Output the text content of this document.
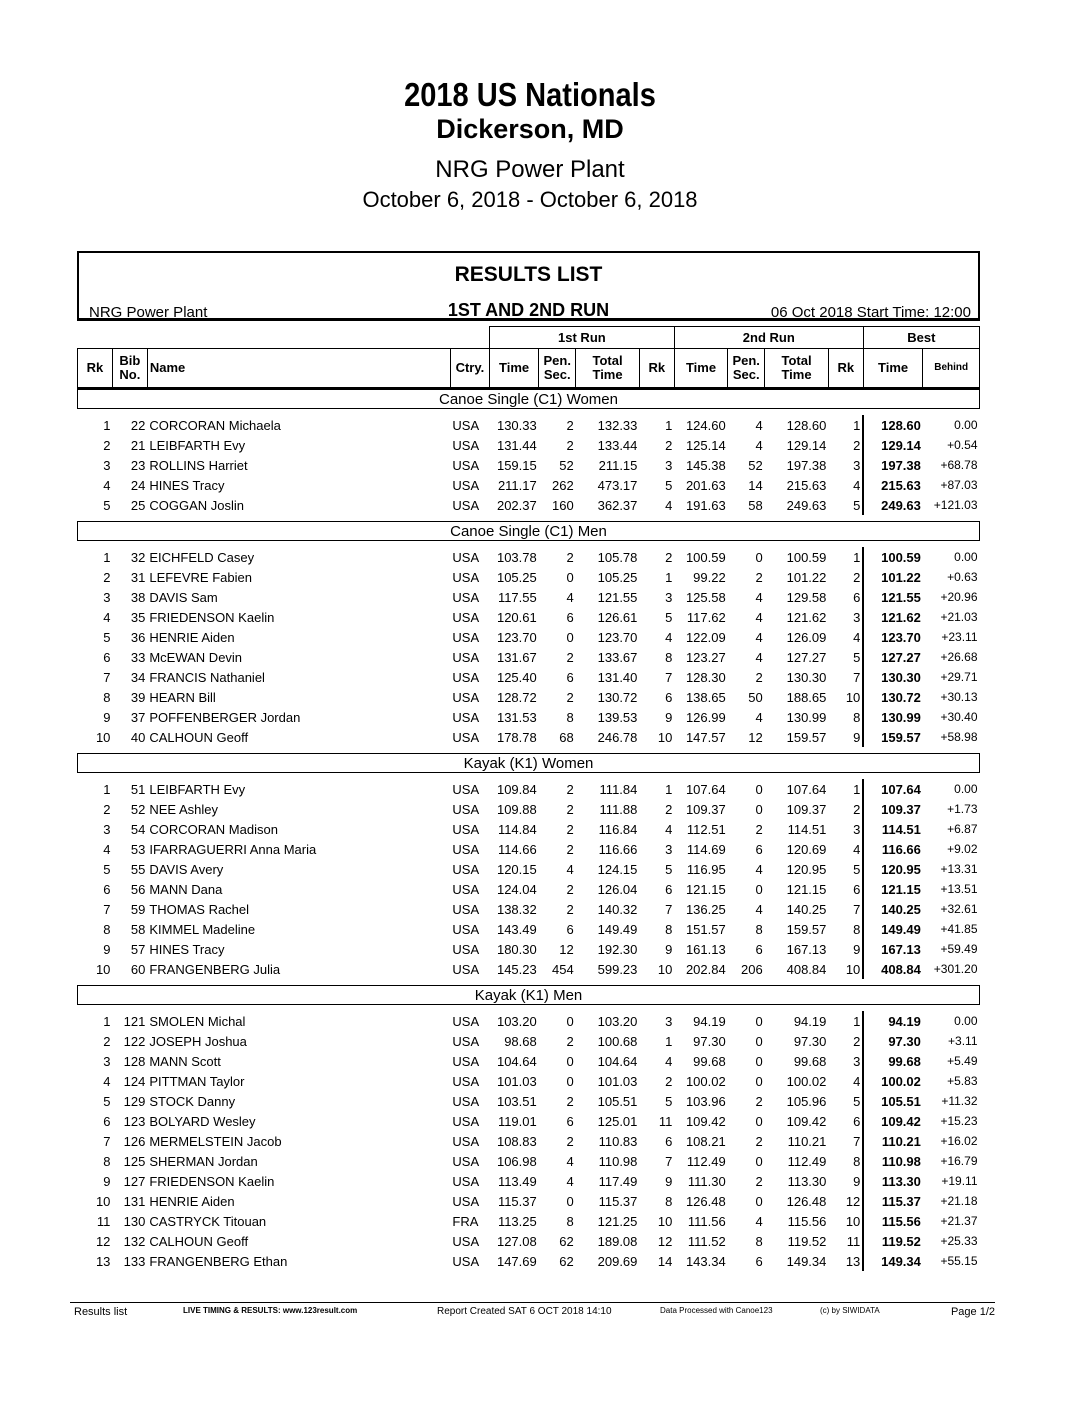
2018 US Nationals
Dickerson, MD
NRG Power Plant
October 6, 2018 - October 6, 2018
RESULTS LIST
NRG Power Plant	1ST AND 2ND RUN	06 Oct 2018 Start Time: 12:00
				1st Run				2nd Run				Best	
Rk	Bib No.	Name	Ctry.	Time	Pen. Sec.	Total Time	Rk	Time	Pen. Sec.	Total Time	Rk	Time	Behind
Canoe Single (C1) Women													

1	22	CORCORAN Michaela	USA	130.33	2	132.33	1	124.60	4	128.60	1	128.60	0.00
2	21	LEIBFARTH Evy	USA	131.44	2	133.44	2	125.14	4	129.14	2	129.14	+0.54
3	23	ROLLINS Harriet	USA	159.15	52	211.15	3	145.38	52	197.38	3	197.38	+68.78
4	24	HINES Tracy	USA	211.17	262	473.17	5	201.63	14	215.63	4	215.63	+87.03
5	25	COGGAN Joslin	USA	202.37	160	362.37	4	191.63	58	249.63	5	249.63	+121.03

Canoe Single (C1) Men													

1	32	EICHFELD Casey	USA	103.78	2	105.78	2	100.59	0	100.59	1	100.59	0.00
2	31	LEFEVRE Fabien	USA	105.25	0	105.25	1	99.22	2	101.22	2	101.22	+0.63
3	38	DAVIS Sam	USA	117.55	4	121.55	3	125.58	4	129.58	6	121.55	+20.96
4	35	FRIEDENSON Kaelin	USA	120.61	6	126.61	5	117.62	4	121.62	3	121.62	+21.03
5	36	HENRIE Aiden	USA	123.70	0	123.70	4	122.09	4	126.09	4	123.70	+23.11
6	33	McEWAN Devin	USA	131.67	2	133.67	8	123.27	4	127.27	5	127.27	+26.68
7	34	FRANCIS Nathaniel	USA	125.40	6	131.40	7	128.30	2	130.30	7	130.30	+29.71
8	39	HEARN Bill	USA	128.72	2	130.72	6	138.65	50	188.65	10	130.72	+30.13
9	37	POFFENBERGER Jordan	USA	131.53	8	139.53	9	126.99	4	130.99	8	130.99	+30.40
10	40	CALHOUN Geoff	USA	178.78	68	246.78	10	147.57	12	159.57	9	159.57	+58.98

Kayak (K1) Women													

1	51	LEIBFARTH Evy	USA	109.84	2	111.84	1	107.64	0	107.64	1	107.64	0.00
2	52	NEE Ashley	USA	109.88	2	111.88	2	109.37	0	109.37	2	109.37	+1.73
3	54	CORCORAN Madison	USA	114.84	2	116.84	4	112.51	2	114.51	3	114.51	+6.87
4	53	IFARRAGUERRI Anna Maria	USA	114.66	2	116.66	3	114.69	6	120.69	4	116.66	+9.02
5	55	DAVIS Avery	USA	120.15	4	124.15	5	116.95	4	120.95	5	120.95	+13.31
6	56	MANN Dana	USA	124.04	2	126.04	6	121.15	0	121.15	6	121.15	+13.51
7	59	THOMAS Rachel	USA	138.32	2	140.32	7	136.25	4	140.25	7	140.25	+32.61
8	58	KIMMEL Madeline	USA	143.49	6	149.49	8	151.57	8	159.57	8	149.49	+41.85
9	57	HINES Tracy	USA	180.30	12	192.30	9	161.13	6	167.13	9	167.13	+59.49
10	60	FRANGENBERG Julia	USA	145.23	454	599.23	10	202.84	206	408.84	10	408.84	+301.20

Kayak (K1) Men													

1	121	SMOLEN Michal	USA	103.20	0	103.20	3	94.19	0	94.19	1	94.19	0.00
2	122	JOSEPH Joshua	USA	98.68	2	100.68	1	97.30	0	97.30	2	97.30	+3.11
3	128	MANN Scott	USA	104.64	0	104.64	4	99.68	0	99.68	3	99.68	+5.49
4	124	PITTMAN Taylor	USA	101.03	0	101.03	2	100.02	0	100.02	4	100.02	+5.83
5	129	STOCK Danny	USA	103.51	2	105.51	5	103.96	2	105.96	5	105.51	+11.32
6	123	BOLYARD Wesley	USA	119.01	6	125.01	11	109.42	0	109.42	6	109.42	+15.23
7	126	MERMELSTEIN Jacob	USA	108.83	2	110.83	6	108.21	2	110.21	7	110.21	+16.02
8	125	SHERMAN Jordan	USA	106.98	4	110.98	7	112.49	0	112.49	8	110.98	+16.79
9	127	FRIEDENSON Kaelin	USA	113.49	4	117.49	9	111.30	2	113.30	9	113.30	+19.11
10	131	HENRIE Aiden	USA	115.37	0	115.37	8	126.48	0	126.48	12	115.37	+21.18
11	130	CASTRYCK Titouan	FRA	113.25	8	121.25	10	111.56	4	115.56	10	115.56	+21.37
12	132	CALHOUN Geoff	USA	127.08	62	189.08	12	111.52	8	119.52	11	119.52	+25.33
13	133	FRANGENBERG Ethan	USA	147.69	62	209.69	14	143.34	6	149.34	13	149.34	+55.15

Results list	LIVE TIMING & RESULTS: www.123result.com	Report Created SAT 6 OCT 2018 14:10	Data Processed with Canoe123	(c) by SIWIDATA	Page 1/2
